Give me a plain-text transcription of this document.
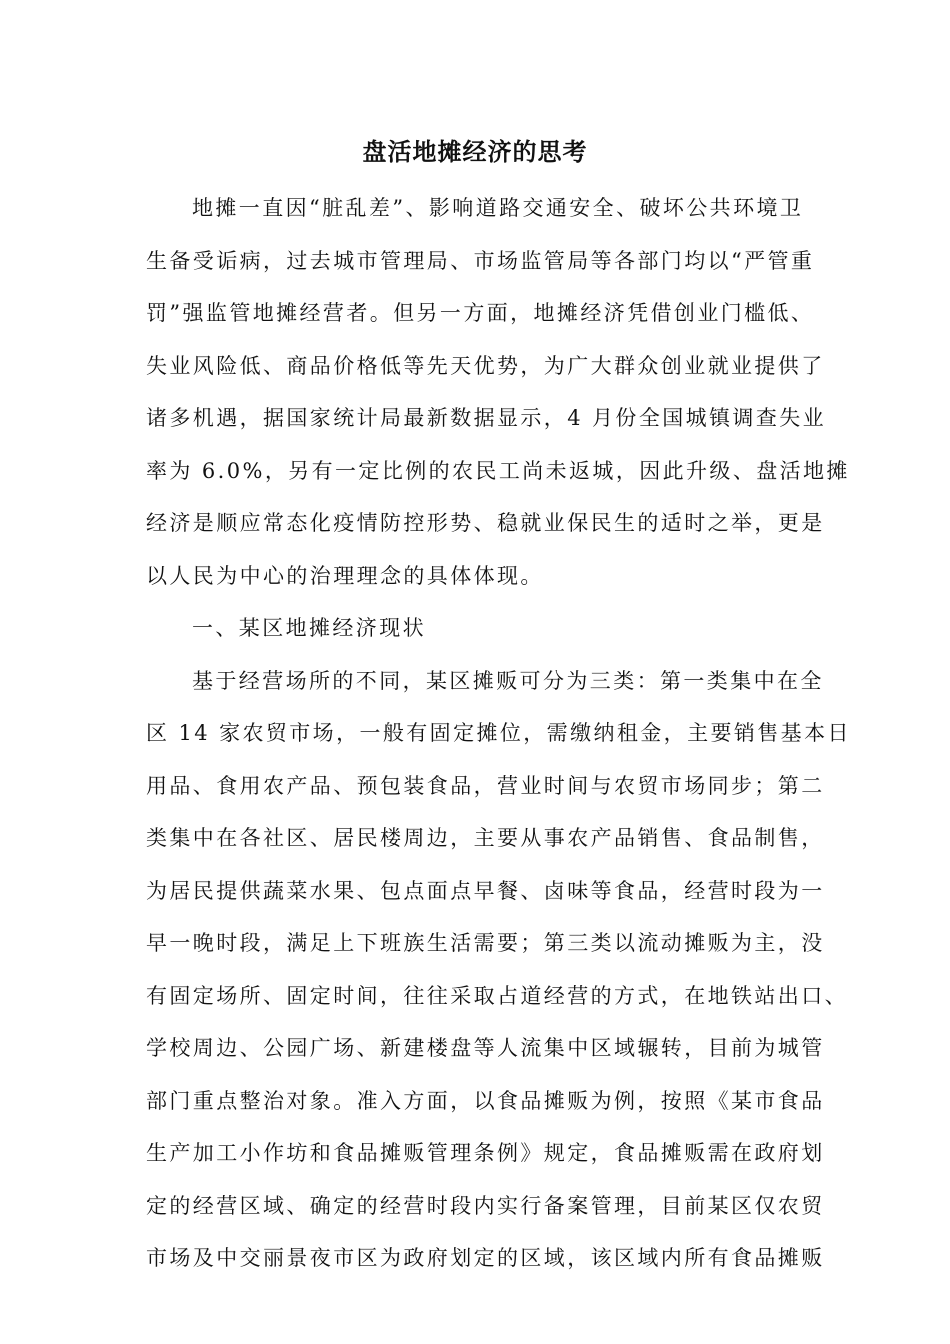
盘活地摊经济的思考
地摊一直因“脏乱差”、影响道路交通安全、破坏公共环境卫
生备受诟病，过去城市管理局、市场监管局等各部门均以“严管重
罚”强监管地摊经营者。但另一方面，地摊经济凭借创业门槛低、
失业风险低、商品价格低等先天优势，为广大群众创业就业提供了
诸多机遇，据国家统计局最新数据显示，4 月份全国城镇调查失业
率为 6.0%，另有一定比例的农民工尚未返城，因此升级、盘活地摊
经济是顺应常态化疫情防控形势、稳就业保民生的适时之举，更是
以人民为中心的治理理念的具体体现。
一、某区地摊经济现状
基于经营场所的不同，某区摊贩可分为三类：第一类集中在全
区 14 家农贸市场，一般有固定摊位，需缴纳租金，主要销售基本日
用品、食用农产品、预包装食品，营业时间与农贸市场同步；第二
类集中在各社区、居民楼周边，主要从事农产品销售、食品制售，
为居民提供蔬菜水果、包点面点早餐、卤味等食品，经营时段为一
早一晚时段，满足上下班族生活需要；第三类以流动摊贩为主，没
有固定场所、固定时间，往往采取占道经营的方式，在地铁站出口、
学校周边、公园广场、新建楼盘等人流集中区域辗转，目前为城管
部门重点整治对象。准入方面，以食品摊贩为例，按照《某市食品
生产加工小作坊和食品摊贩管理条例》规定，食品摊贩需在政府划
定的经营区域、确定的经营时段内实行备案管理，目前某区仅农贸
市场及中交丽景夜市区为政府划定的区域，该区域内所有食品摊贩
